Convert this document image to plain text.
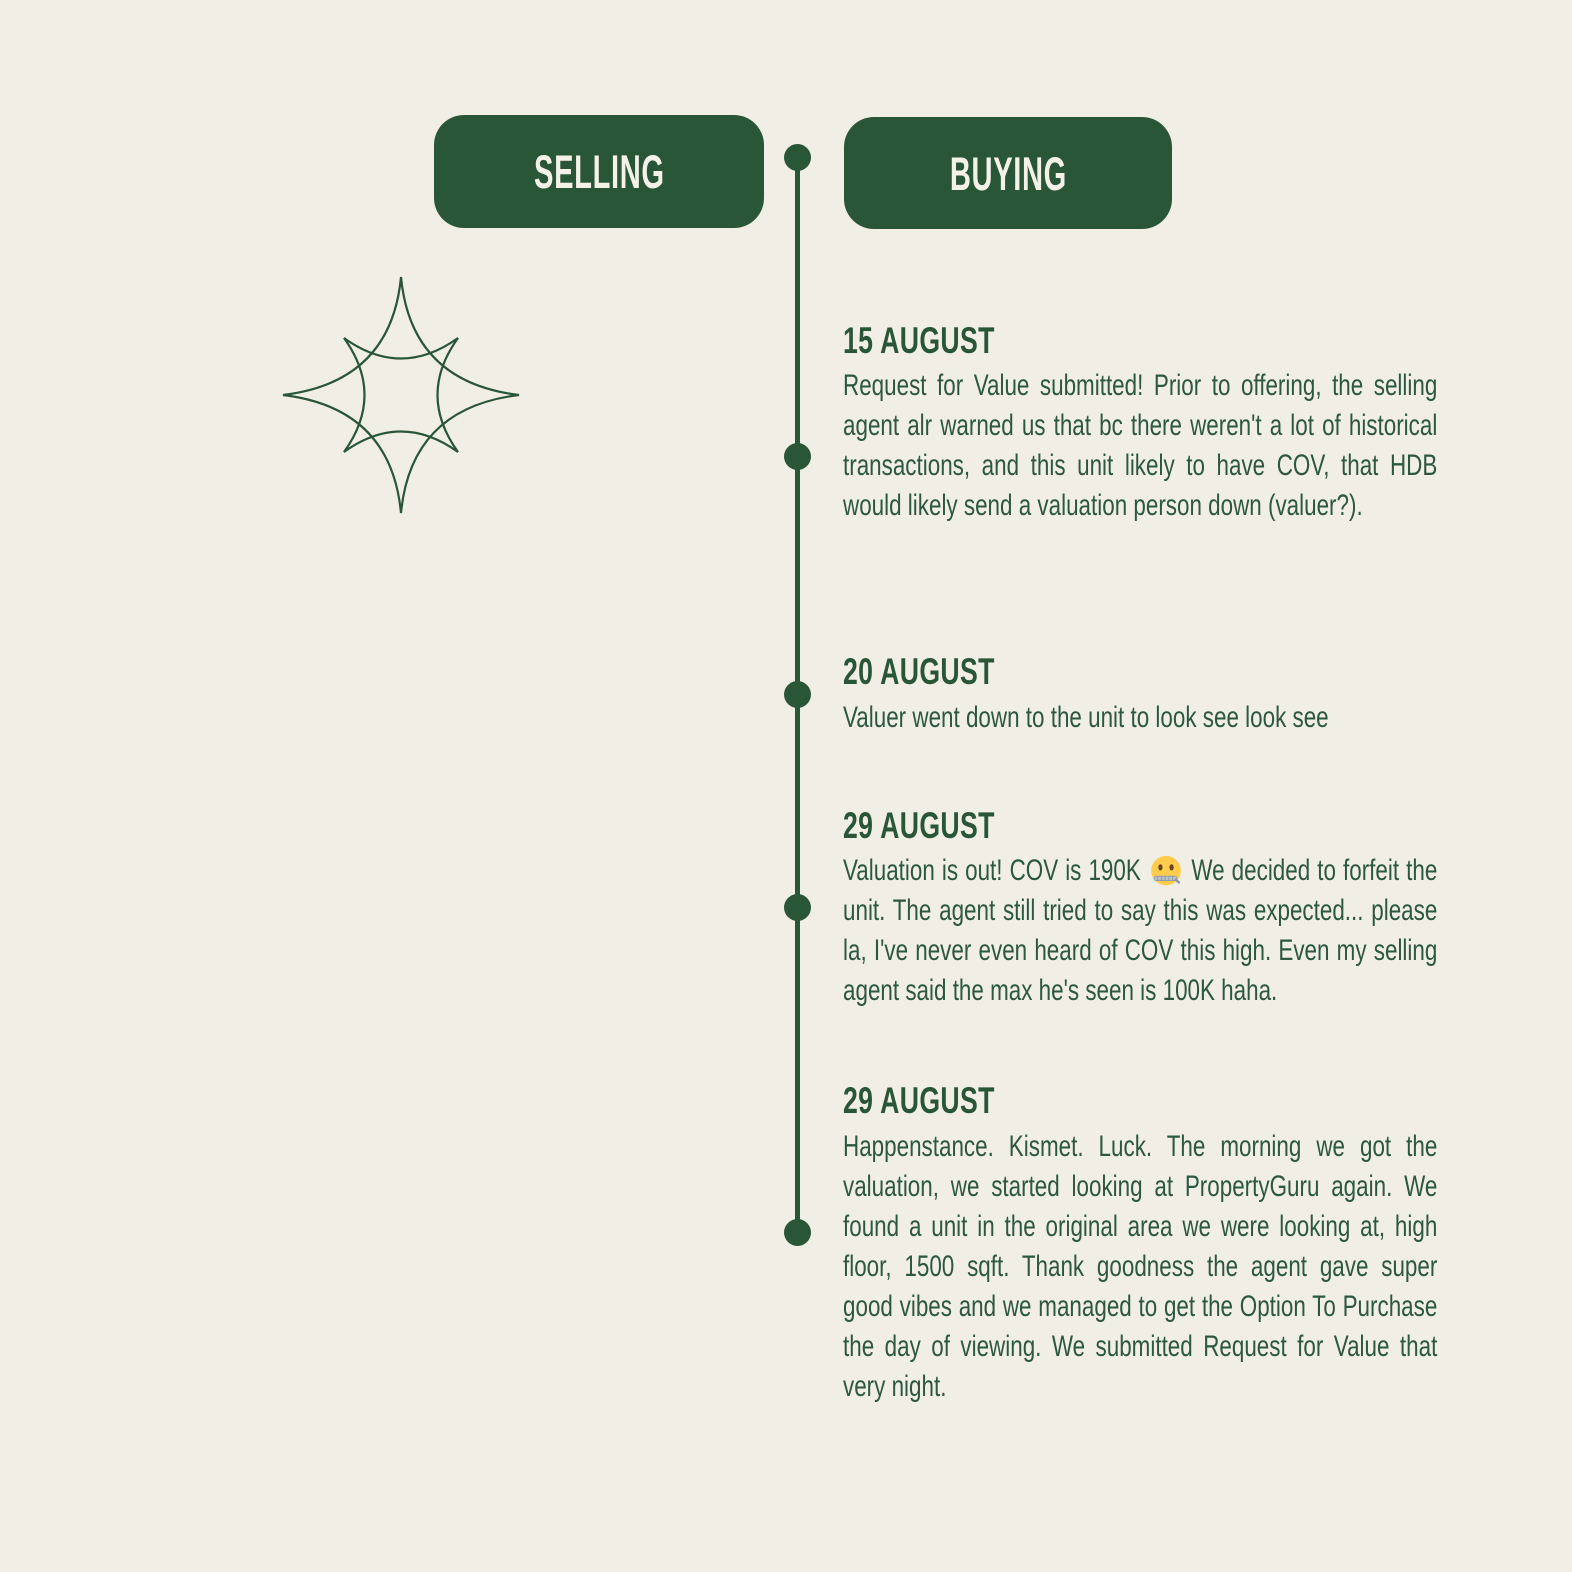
SELLING	BUYING
15 AUGUST
Request for Value submitted! Prior to offering, the selling agent alr warned us that bc there weren't a lot of historical transactions, and this unit likely to have COV, that HDB would likely send a valuation person down (valuer?).
20 AUGUST
Valuer went down to the unit to look see look see
29 AUGUST
Valuation is out! COV is 190K We decided to forfeit the unit. The agent still tried to say this was expected... please la, I've never even heard of COV this high. Even my selling agent said the max he's seen is 100K haha.
29 AUGUST
Happenstance. Kismet. Luck. The morning we got the valuation, we started looking at PropertyGuru again. We found a unit in the original area we were looking at, high floor, 1500 sqft. Thank goodness the agent gave super good vibes and we managed to get the Option To Purchase the day of viewing. We submitted Request for Value that very night.
